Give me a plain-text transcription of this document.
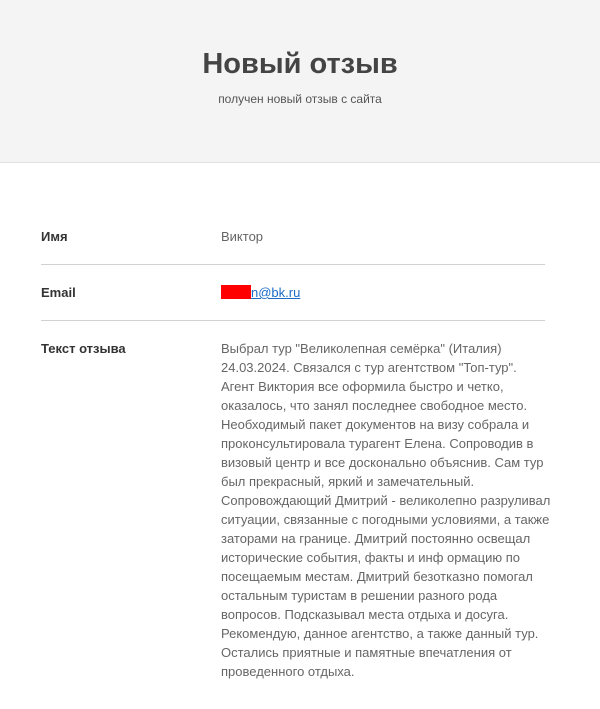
Новый отзыв
получен новый отзыв с сайта
Имя	Виктор
Email	n@bk.ru
Текст отзыва	Выбрал тур "Великолепная семёрка" (Италия) 24.03.2024. Связался с тур агентством "Топ-тур". Агент Виктория все оформила быстро и четко, оказалось, что занял последнее свободное место. Необходимый пакет документов на визу собрала и проконсультировала турагент Елена. Сопроводив в визовый центр и все досконально объяснив. Сам тур был прекрасный, яркий и замечательный. Сопровождающий Дмитрий - великолепно разруливал ситуации, связанные с погодными условиями, а также заторами на границе. Дмитрий постоянно освещал исторические события, факты и инф ормацию по посещаемым местам. Дмитрий безотказно помогал остальным туристам в решении разного рода вопросов. Подсказывал места отдыха и досуга. Рекомендую, данное агентство, а также данный тур. Остались приятные и памятные впечатления от проведенного отдыха.
